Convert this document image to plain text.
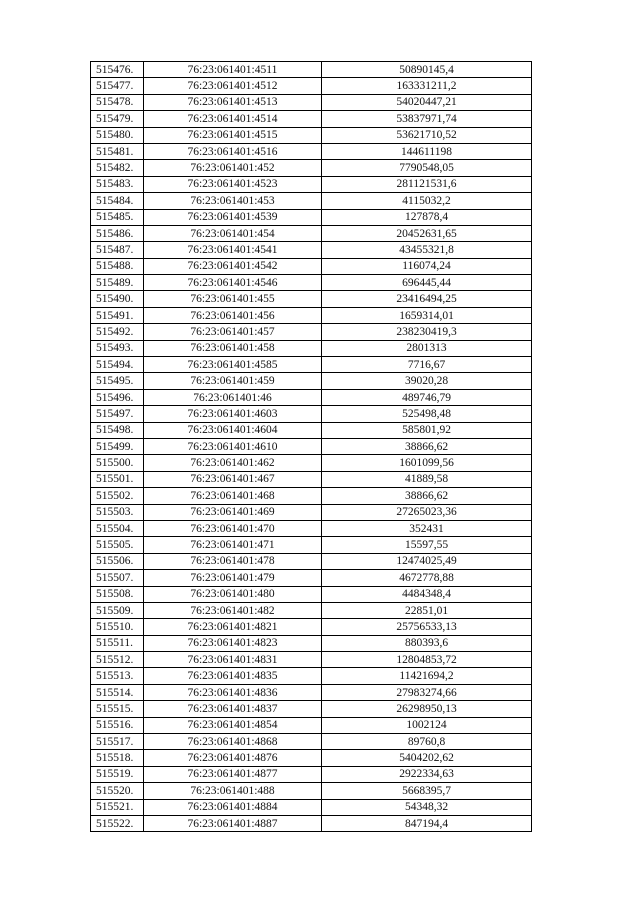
515476.	76:23:061401:4511	50890145,4
515477.	76:23:061401:4512	163331211,2
515478.	76:23:061401:4513	54020447,21
515479.	76:23:061401:4514	53837971,74
515480.	76:23:061401:4515	53621710,52
515481.	76:23:061401:4516	144611198
515482.	76:23:061401:452	7790548,05
515483.	76:23:061401:4523	281121531,6
515484.	76:23:061401:453	4115032,2
515485.	76:23:061401:4539	127878,4
515486.	76:23:061401:454	20452631,65
515487.	76:23:061401:4541	43455321,8
515488.	76:23:061401:4542	116074,24
515489.	76:23:061401:4546	696445,44
515490.	76:23:061401:455	23416494,25
515491.	76:23:061401:456	1659314,01
515492.	76:23:061401:457	238230419,3
515493.	76:23:061401:458	2801313
515494.	76:23:061401:4585	7716,67
515495.	76:23:061401:459	39020,28
515496.	76:23:061401:46	489746,79
515497.	76:23:061401:4603	525498,48
515498.	76:23:061401:4604	585801,92
515499.	76:23:061401:4610	38866,62
515500.	76:23:061401:462	1601099,56
515501.	76:23:061401:467	41889,58
515502.	76:23:061401:468	38866,62
515503.	76:23:061401:469	27265023,36
515504.	76:23:061401:470	352431
515505.	76:23:061401:471	15597,55
515506.	76:23:061401:478	12474025,49
515507.	76:23:061401:479	4672778,88
515508.	76:23:061401:480	4484348,4
515509.	76:23:061401:482	22851,01
515510.	76:23:061401:4821	25756533,13
515511.	76:23:061401:4823	880393,6
515512.	76:23:061401:4831	12804853,72
515513.	76:23:061401:4835	11421694,2
515514.	76:23:061401:4836	27983274,66
515515.	76:23:061401:4837	26298950,13
515516.	76:23:061401:4854	1002124
515517.	76:23:061401:4868	89760,8
515518.	76:23:061401:4876	5404202,62
515519.	76:23:061401:4877	2922334,63
515520.	76:23:061401:488	5668395,7
515521.	76:23:061401:4884	54348,32
515522.	76:23:061401:4887	847194,4
